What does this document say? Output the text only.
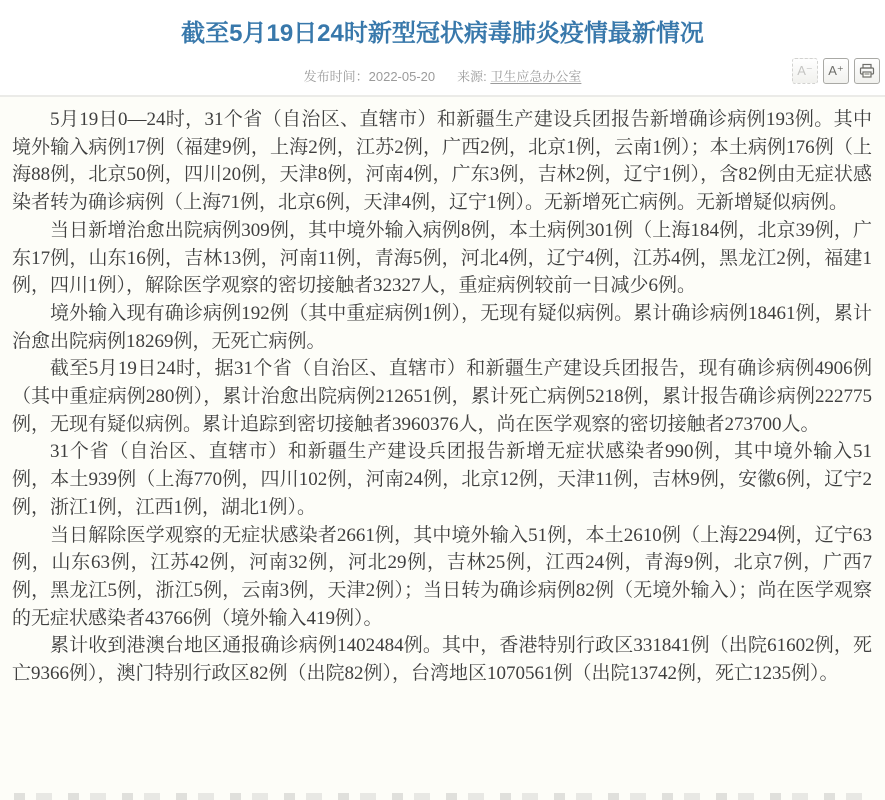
截至5月19日24时新型冠状病毒肺炎疫情最新情况
发布时间：2022-05-20 来源: 卫生应急办公室	A⁻	A⁺

5月19日0—24时，31个省（自治区、直辖市）和新疆生产建设兵团报告新增确诊病例193例。其中境外输入病例17例（福建9例，上海2例，江苏2例，广西2例，北京1例，云南1例）；本土病例176例（上海88例，北京50例，四川20例，天津8例，河南4例，广东3例，吉林2例，辽宁1例），含82例由无症状感染者转为确诊病例（上海71例，北京6例，天津4例，辽宁1例）。无新增死亡病例。无新增疑似病例。

当日新增治愈出院病例309例，其中境外输入病例8例，本土病例301例（上海184例，北京39例，广东17例，山东16例，吉林13例，河南11例，青海5例，河北4例，辽宁4例，江苏4例，黑龙江2例，福建1例，四川1例），解除医学观察的密切接触者32327人，重症病例较前一日减少6例。

境外输入现有确诊病例192例（其中重症病例1例），无现有疑似病例。累计确诊病例18461例，累计治愈出院病例18269例，无死亡病例。

截至5月19日24时，据31个省（自治区、直辖市）和新疆生产建设兵团报告，现有确诊病例4906例（其中重症病例280例），累计治愈出院病例212651例，累计死亡病例5218例，累计报告确诊病例222775例，无现有疑似病例。累计追踪到密切接触者3960376人，尚在医学观察的密切接触者273700人。

31个省（自治区、直辖市）和新疆生产建设兵团报告新增无症状感染者990例，其中境外输入51例，本土939例（上海770例，四川102例，河南24例，北京12例，天津11例，吉林9例，安徽6例，辽宁2例，浙江1例，江西1例，湖北1例）。

当日解除医学观察的无症状感染者2661例，其中境外输入51例，本土2610例（上海2294例，辽宁63例，山东63例，江苏42例，河南32例，河北29例，吉林25例，江西24例，青海9例，北京7例，广西7例，黑龙江5例，浙江5例，云南3例，天津2例）；当日转为确诊病例82例（无境外输入）；尚在医学观察的无症状感染者43766例（境外输入419例）。

累计收到港澳台地区通报确诊病例1402484例。其中，香港特别行政区331841例（出院61602例，死亡9366例），澳门特别行政区82例（出院82例），台湾地区1070561例（出院13742例，死亡1235例）。
